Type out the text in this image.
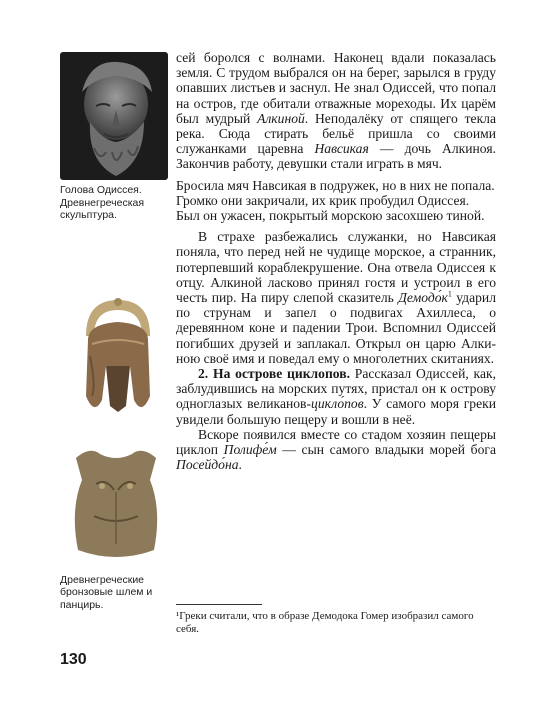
Голова Одиссея. Древнегреческая скульптура.
Древнегреческие бронзовые шлем и панцирь.

сей боролся с волнами. Наконец вдали показалась земля. С трудом выбрался он на берег, зарылся в груду опавших листьев и заснул. Не знал Одиссей, что попал на остров, где обитали отважные мореходы. Их царём был мудрый Алкиной. Неподалёку от спящего текла река. Сюда стирать бельё пришла со своими служанками царевна Навсикая — дочь Алкиноя. Закончив работу, девушки стали играть в мяч.

Бросила мяч Навсикая в подружек, но в них не попала.

Громко они закричали, их крик пробудил Одиссея.

Был он ужасен, покрытый морскою засохшею тиной.

В страхе разбежались служанки, но Навсикая поняла, что перед ней не чудище морское, а странник, потерпевший кораблекрушение. Она отвела Одиссея к отцу. Алкиной ласково принял гостя и устроил в его честь пир. На пиру слепой сказитель $Демодо́к^1$ ударил по струнам и запел о подвигах Ахиллеса, о деревянном коне и падении Трои. Вспомнил Одиссей погибших друзей и заплакал. Открыл он царю Алкиною своё имя и поведал ему о многолетних скитаниях.

2. На острове циклопов. Рассказал Одиссей, как, заблудившись на морских путях, пристал он к острову одноглазых великанов-цикло́пов. У самого моря греки увидели большую пещеру и вошли в неё.

Вскоре появился вместе со стадом хозяин пещеры циклоп Полифе́м — сын самого владыки морей бога Посейдо́на.

¹Греки считали, что в образе Демодока Гомер изобразил самого себя.
130
